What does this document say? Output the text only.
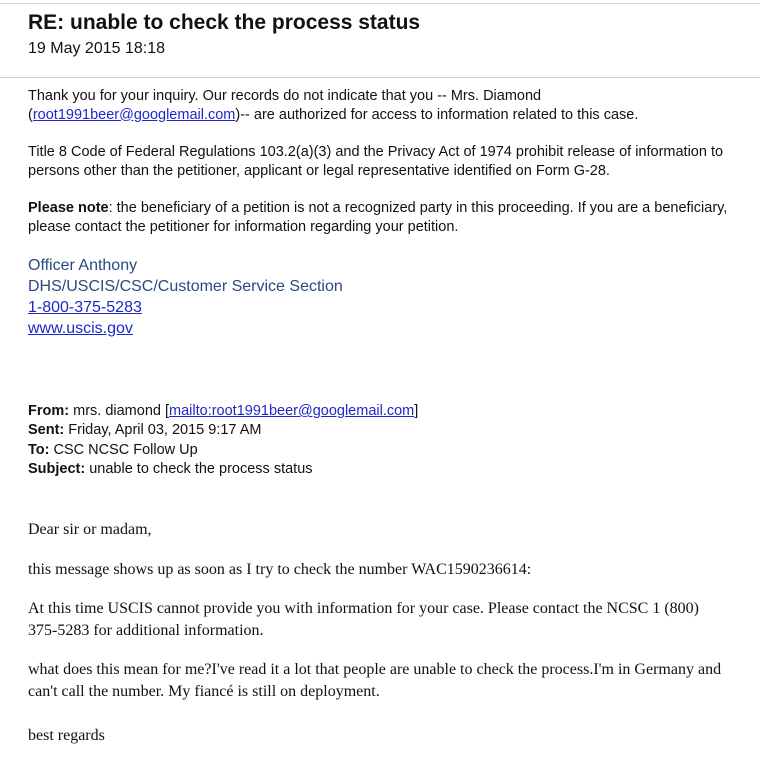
RE: unable to check the process status
19 May 2015 18:18
Thank you for your inquiry. Our records do not indicate that you -- Mrs. Diamond (root1991beer@googlemail.com)-- are authorized for access to information related to this case.
Title 8 Code of Federal Regulations 103.2(a)(3) and the Privacy Act of 1974 prohibit release of information to persons other than the petitioner, applicant or legal representative identified on Form G-28.
Please note: the beneficiary of a petition is not a recognized party in this proceeding. If you are a beneficiary, please contact the petitioner for information regarding your petition.
Officer Anthony
DHS/USCIS/CSC/Customer Service Section
1-800-375-5283
www.uscis.gov
From: mrs. diamond [mailto:root1991beer@googlemail.com]
Sent: Friday, April 03, 2015 9:17 AM
To: CSC NCSC Follow Up
Subject: unable to check the process status
Dear sir or madam,
this message shows up as soon as I try to check the number WAC1590236614:
At this time USCIS cannot provide you with information for your case. Please contact the NCSC 1 (800) 375-5283 for additional information.
what does this mean for me?I've read it a lot that people are unable to check the process.I'm in Germany and can't call the number. My fiancé is still on deployment.
best regards
